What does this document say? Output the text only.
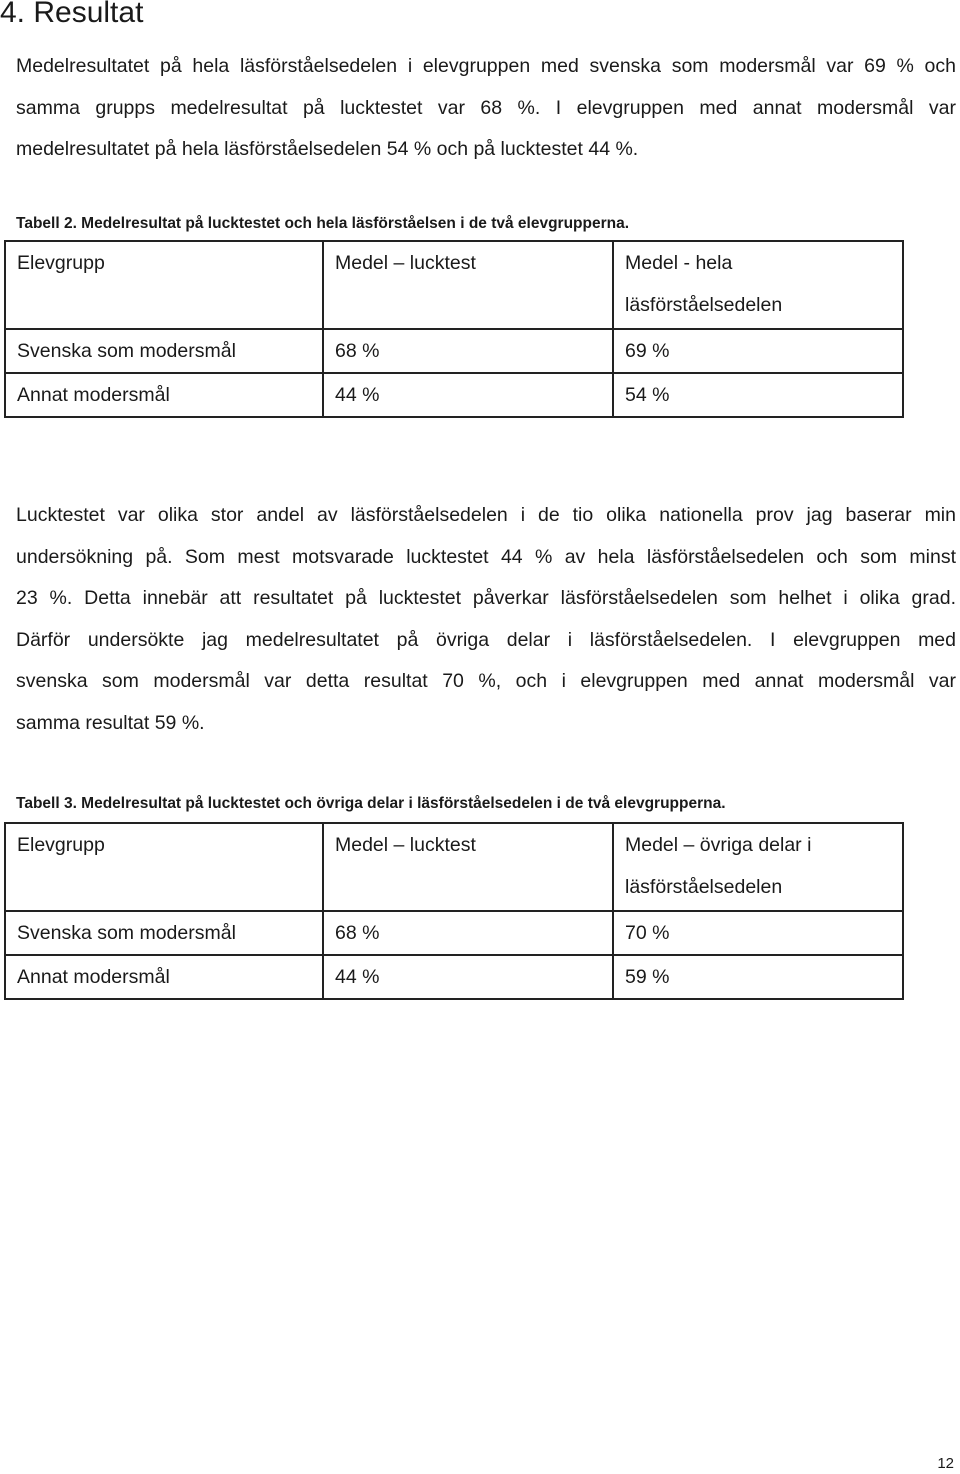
4. Resultat

Medelresultatet på hela läsförståelsedelen i elevgruppen med svenska som modersmål var 69 % och
samma grupps medelresultat på lucktestet var 68 %. I elevgruppen med annat modersmål var
medelresultatet på hela läsförståelsedelen 54 % och på lucktestet 44 %.

Tabell 2. Medelresultat på lucktestet och hela läsförståelsen i de två elevgrupperna.

Elevgrupp	Medel – lucktest	Medel - hela
läsförståelsedelen

Svenska som modersmål	68 %	69 %
Annat modersmål	44 %	54 %

Lucktestet var olika stor andel av läsförståelsedelen i de tio olika nationella prov jag baserar min
undersökning på. Som mest motsvarade lucktestet 44 % av hela läsförståelsedelen och som minst
23 %. Detta innebär att resultatet på lucktestet påverkar läsförståelsedelen som helhet i olika grad.
Därför undersökte jag medelresultatet på övriga delar i läsförståelsedelen. I elevgruppen med
svenska som modersmål var detta resultat 70 %, och i elevgruppen med annat modersmål var
samma resultat 59 %.

Tabell 3. Medelresultat på lucktestet och övriga delar i läsförståelsedelen i de två elevgrupperna.

Elevgrupp	Medel – lucktest	Medel – övriga delar i
läsförståelsedelen

Svenska som modersmål	68 %	70 %
Annat modersmål	44 %	59 %

12
